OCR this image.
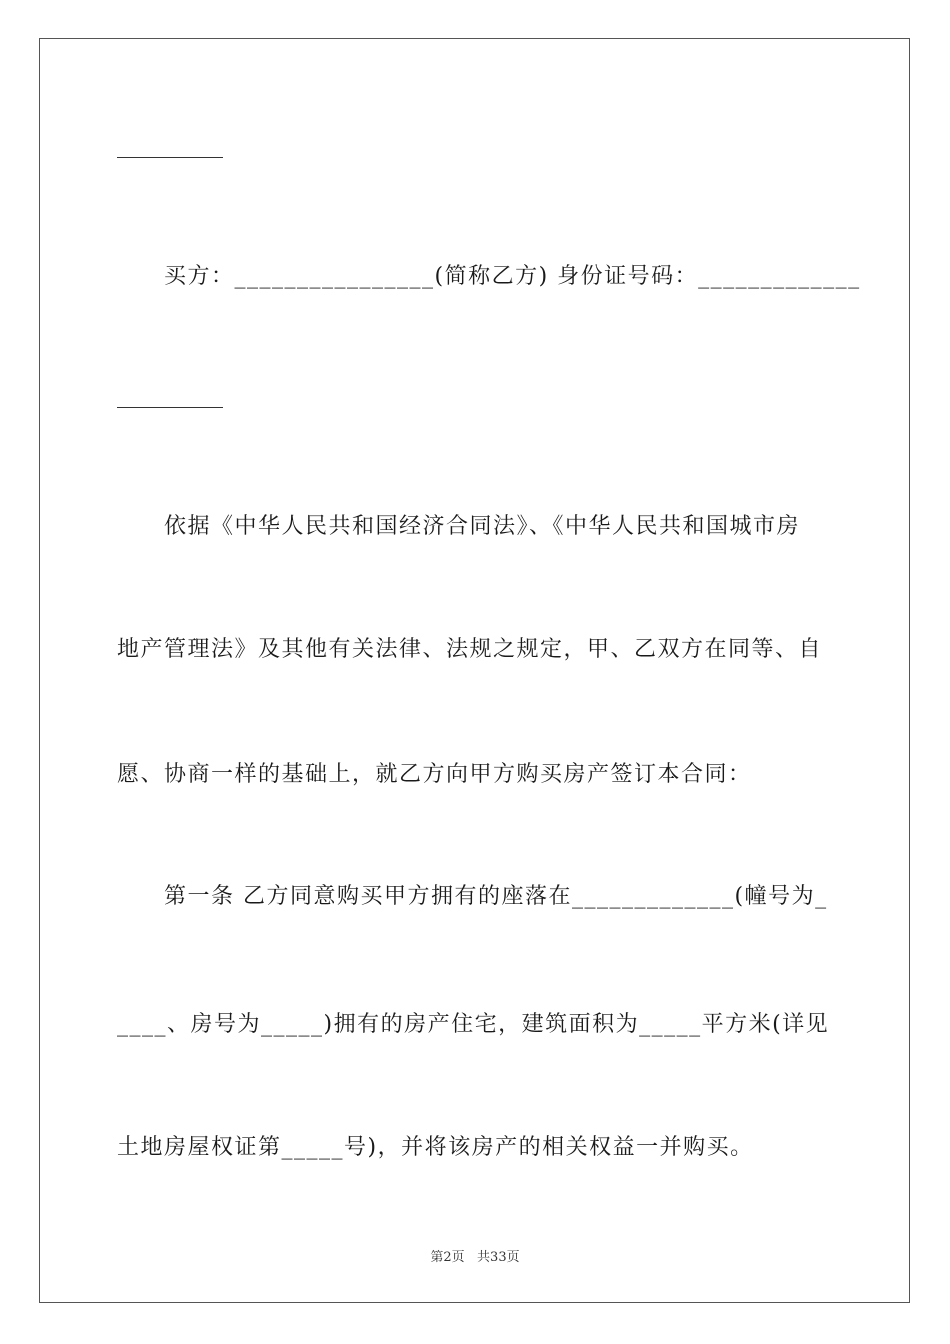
买方：________________(简称乙方) 身份证号码：_____________
依据《中华人民共和国经济合同法》、《中华人民共和国城市房
地产管理法》及其他有关法律、法规之规定，甲、乙双方在同等、自
愿、协商一样的基础上，就乙方向甲方购买房产签订本合同：
第一条 乙方同意购买甲方拥有的座落在_____________(幢号为_
____、房号为_____)拥有的房产住宅，建筑面积为_____平方米(详见
土地房屋权证第_____号)，并将该房产的相关权益一并购买。
第2页   共33页
